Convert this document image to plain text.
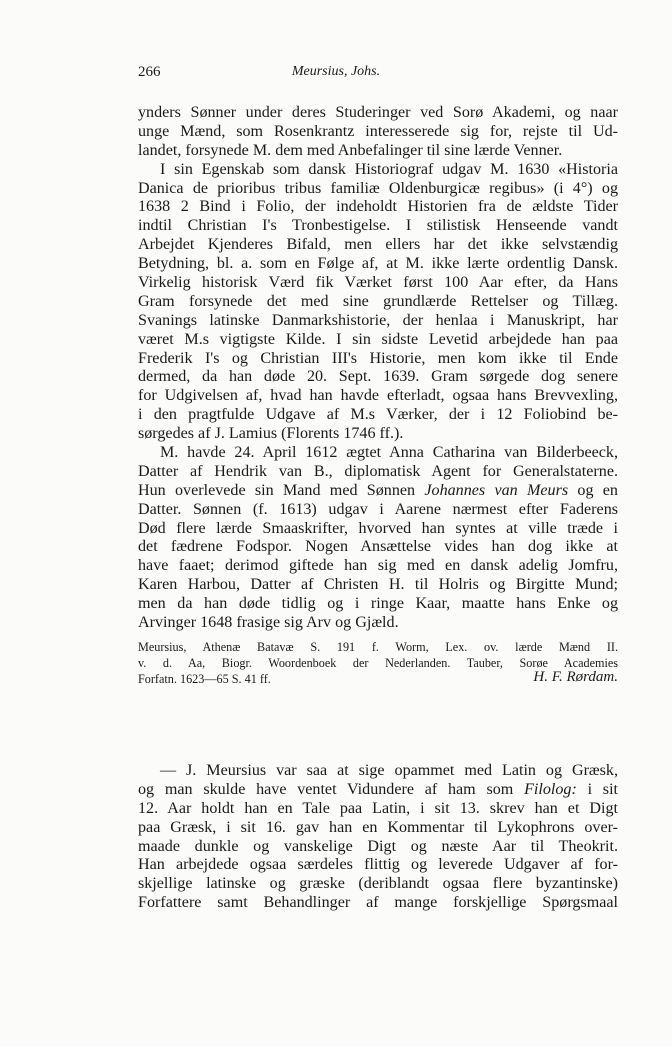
266	Meursius, Johs.
ynders Sønner under deres Studeringer ved Sorø Akademi, og naar
unge Mænd, som Rosenkrantz interesserede sig for, rejste til Ud-
landet, forsynede M. dem med Anbefalinger til sine lærde Venner.
I sin Egenskab som dansk Historiograf udgav M. 1630 «Historia
Danica de prioribus tribus familiæ Oldenburgicæ regibus» (i 4°) og
1638 2 Bind i Folio, der indeholdt Historien fra de ældste Tider
indtil Christian I's Tronbestigelse. I stilistisk Henseende vandt
Arbejdet Kjenderes Bifald, men ellers har det ikke selvstændig
Betydning, bl. a. som en Følge af, at M. ikke lærte ordentlig Dansk.
Virkelig historisk Værd fik Værket først 100 Aar efter, da Hans
Gram forsynede det med sine grundlærde Rettelser og Tillæg.
Svanings latinske Danmarkshistorie, der henlaa i Manuskript, har
været M.s vigtigste Kilde. I sin sidste Levetid arbejdede han paa
Frederik I's og Christian III's Historie, men kom ikke til Ende
dermed, da han døde 20. Sept. 1639. Gram sørgede dog senere
for Udgivelsen af, hvad han havde efterladt, ogsaa hans Brevvexling,
i den pragtfulde Udgave af M.s Værker, der i 12 Foliobind be-
sørgedes af J. Lamius (Florents 1746 ff.).
M. havde 24. April 1612 ægtet Anna Catharina van Bilderbeeck,
Datter af Hendrik van B., diplomatisk Agent for Generalstaterne.
Hun overlevede sin Mand med Sønnen Johannes van Meurs og en
Datter. Sønnen (f. 1613) udgav i Aarene nærmest efter Faderens
Død flere lærde Smaaskrifter, hvorved han syntes at ville træde i
det fædrene Fodspor. Nogen Ansættelse vides han dog ikke at
have faaet; derimod giftede han sig med en dansk adelig Jomfru,
Karen Harbou, Datter af Christen H. til Holris og Birgitte Mund;
men da han døde tidlig og i ringe Kaar, maatte hans Enke og
Arvinger 1648 frasige sig Arv og Gjæld.
Meursius, Athenæ Batavæ S. 191 f. Worm, Lex. ov. lærde Mænd II.
v. d. Aa, Biogr. Woordenboek der Nederlanden. Tauber, Sorøe Academies
Forfatn. 1623—65 S. 41 ff.	H. F. Rørdam.
— J. Meursius var saa at sige opammet med Latin og Græsk,
og man skulde have ventet Vidundere af ham som Filolog: i sit
12. Aar holdt han en Tale paa Latin, i sit 13. skrev han et Digt
paa Græsk, i sit 16. gav han en Kommentar til Lykophrons over-
maade dunkle og vanskelige Digt og næste Aar til Theokrit.
Han arbejdede ogsaa særdeles flittig og leverede Udgaver af for-
skjellige latinske og græske (deriblandt ogsaa flere byzantinske)
Forfattere samt Behandlinger af mange forskjellige Spørgsmaal
